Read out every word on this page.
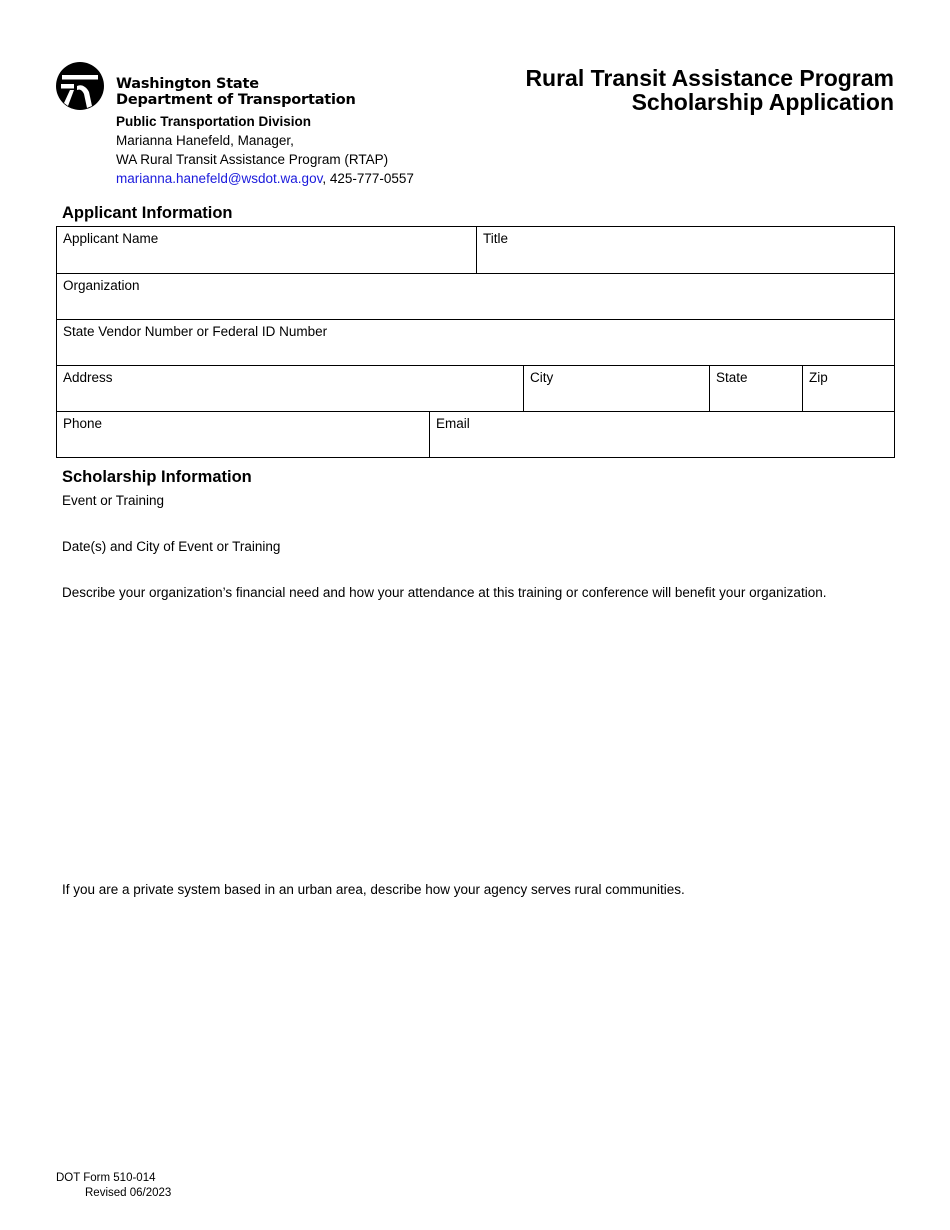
Washington State
Department of Transportation
Public Transportation Division
Marianna Hanefeld, Manager,
WA Rural Transit Assistance Program (RTAP)
marianna.hanefeld@wsdot.wa.gov, 425-777-0557
Rural Transit Assistance Program
Scholarship Application
Applicant Information
Applicant Name	Title
Organization
State Vendor Number or Federal ID Number
Address	City	State	Zip
Phone	Email
Scholarship Information
Event or Training
Date(s) and City of Event or Training
Describe your organization’s financial need and how your attendance at this training or conference will benefit your organization.
If you are a private system based in an urban area, describe how your agency serves rural communities.
DOT Form 510-014
Revised 06/2023
